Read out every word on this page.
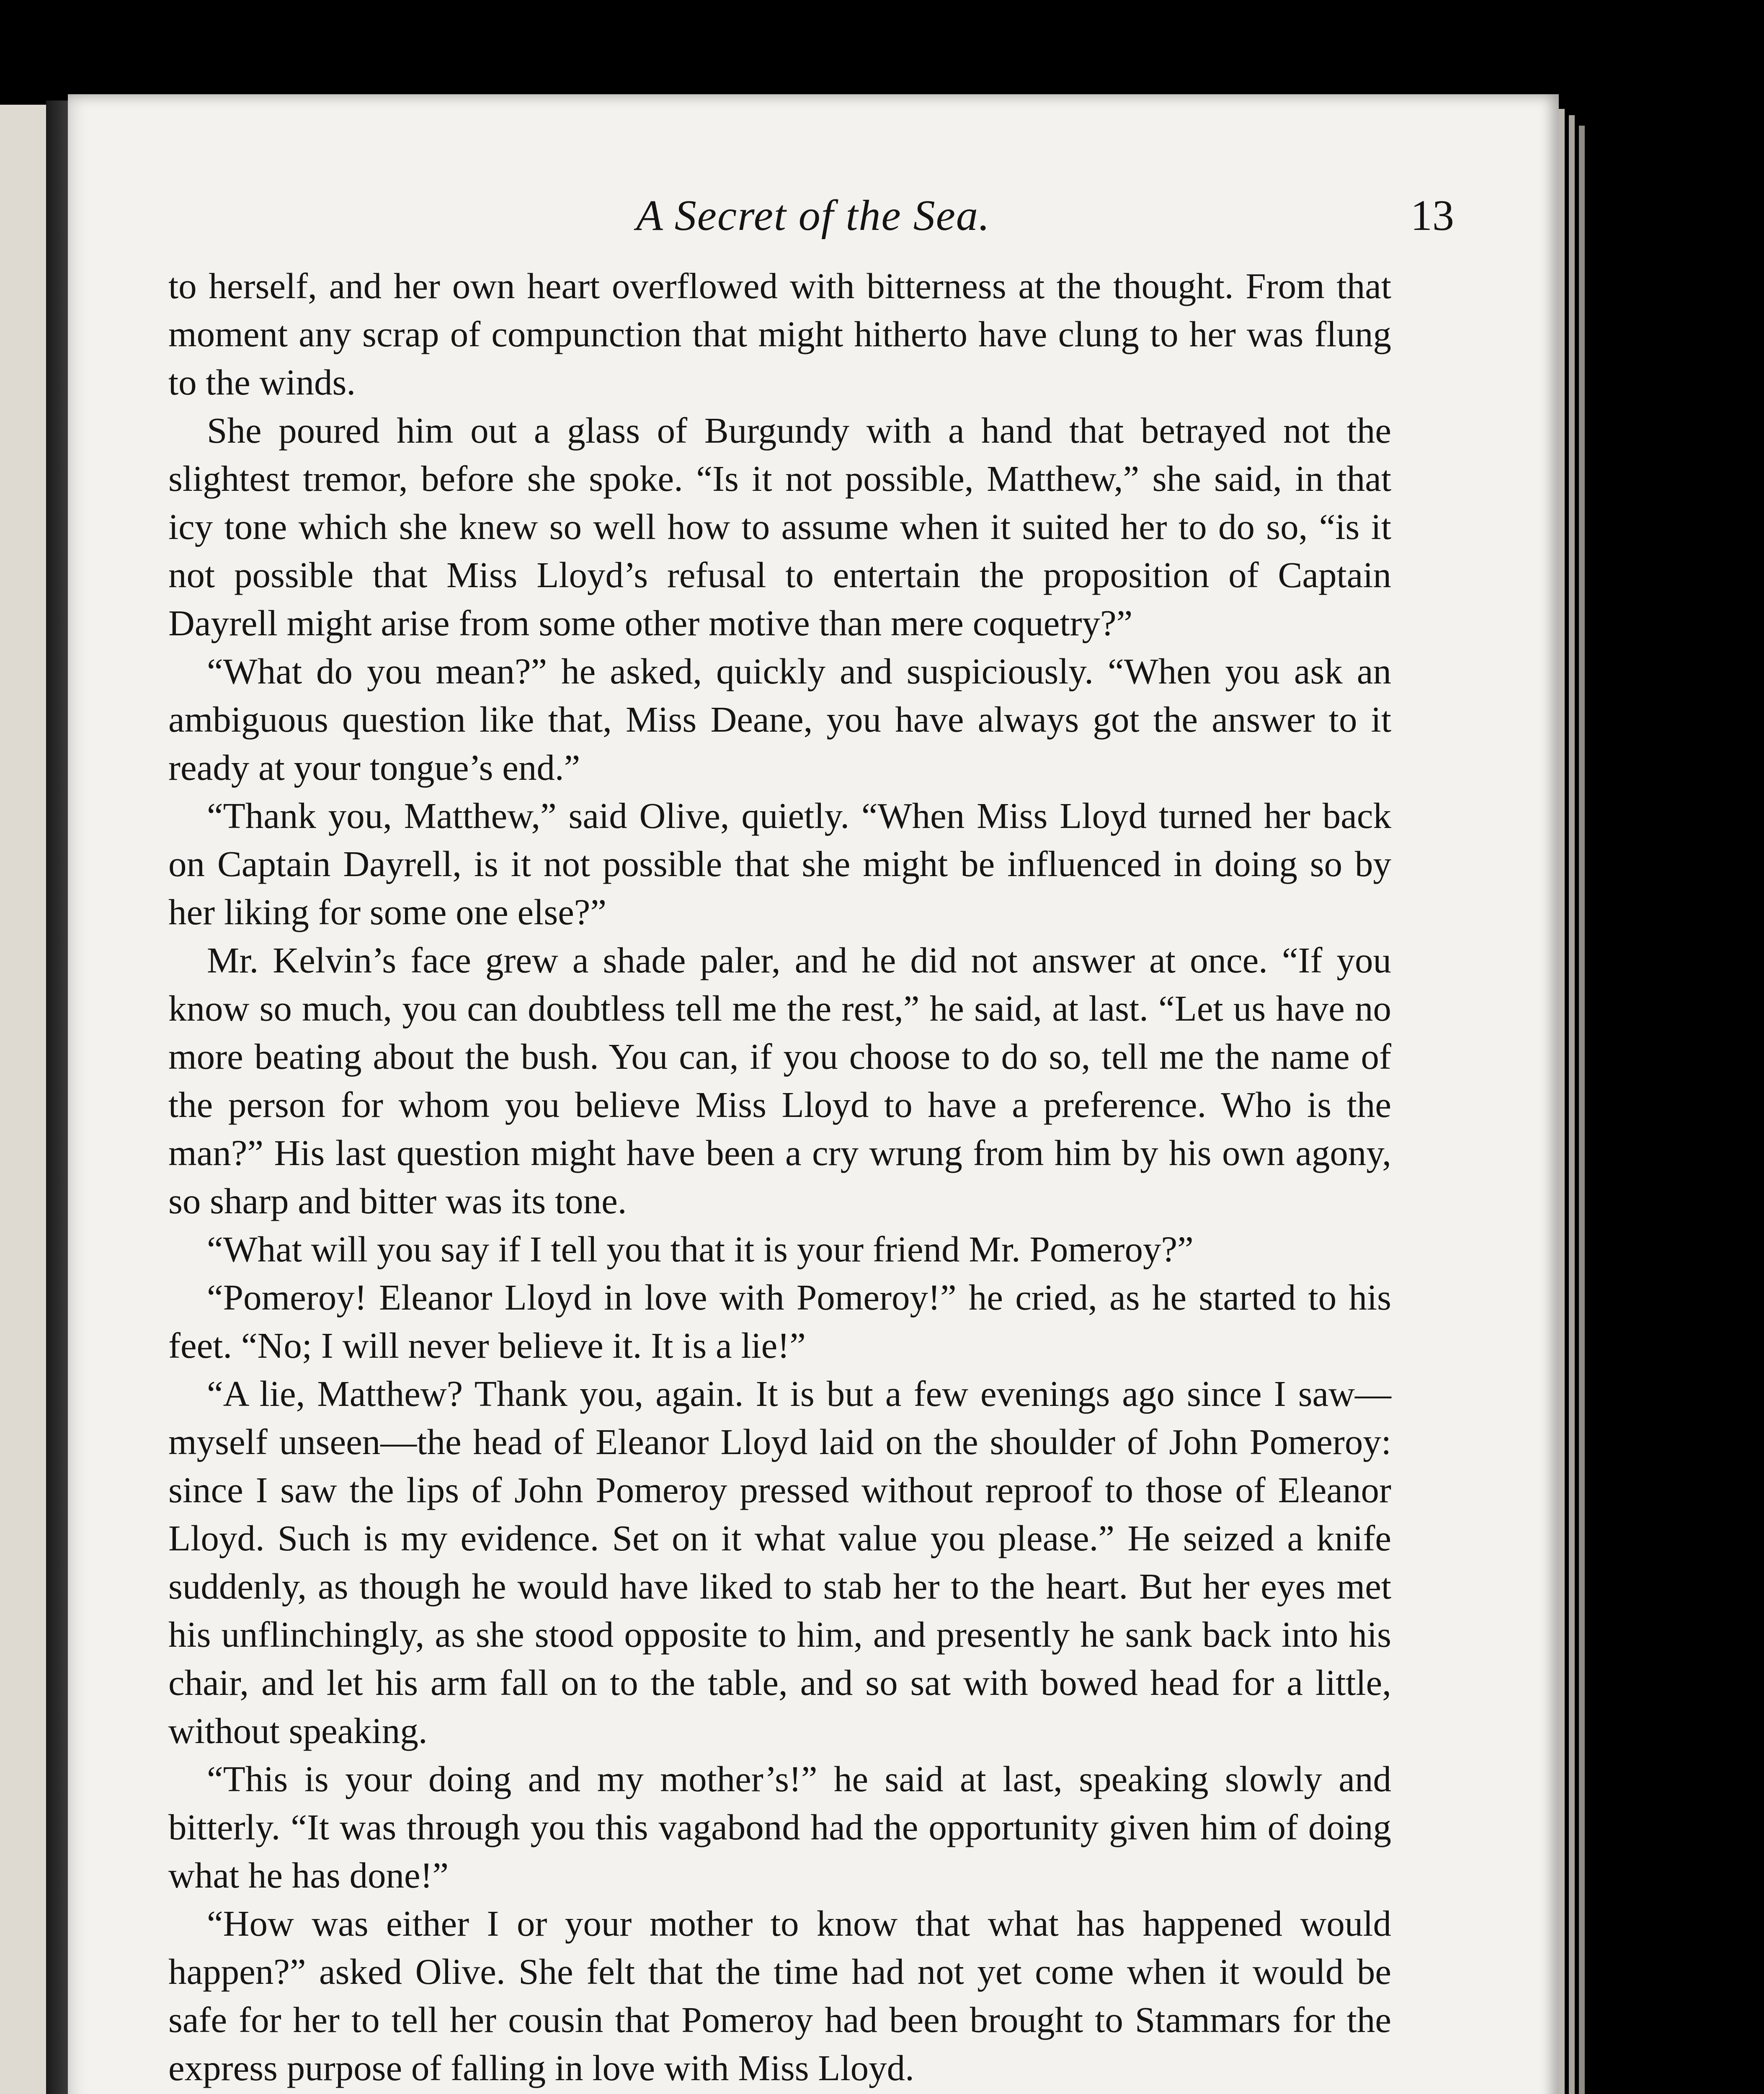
A Secret of the Sea.	13

to herself, and her own heart overflowed with bitterness at the thought. From that moment any scrap of compunction that might hitherto have clung to her was flung to the winds.

She poured him out a glass of Burgundy with a hand that betrayed not the slightest tremor, before she spoke. “Is it not possible, Matthew,” she said, in that icy tone which she knew so well how to assume when it suited her to do so, “is it not possible that Miss Lloyd’s refusal to entertain the proposition of Captain Dayrell might arise from some other motive than mere coquetry?”

“What do you mean?” he asked, quickly and suspiciously. “When you ask an ambiguous question like that, Miss Deane, you have always got the answer to it ready at your tongue’s end.”

“Thank you, Matthew,” said Olive, quietly. “When Miss Lloyd turned her back on Captain Dayrell, is it not possible that she might be influenced in doing so by her liking for some one else?”

Mr. Kelvin’s face grew a shade paler, and he did not answer at once. “If you know so much, you can doubtless tell me the rest,” he said, at last. “Let us have no more beating about the bush. You can, if you choose to do so, tell me the name of the person for whom you believe Miss Lloyd to have a preference. Who is the man?” His last question might have been a cry wrung from him by his own agony, so sharp and bitter was its tone.

“What will you say if I tell you that it is your friend Mr. Pomeroy?”

“Pomeroy! Eleanor Lloyd in love with Pomeroy!” he cried, as he started to his feet. “No; I will never believe it. It is a lie!”

“A lie, Matthew? Thank you, again. It is but a few evenings ago since I saw—myself unseen—the head of Eleanor Lloyd laid on the shoulder of John Pomeroy: since I saw the lips of John Pomeroy pressed without reproof to those of Eleanor Lloyd. Such is my evidence. Set on it what value you please.” He seized a knife suddenly, as though he would have liked to stab her to the heart. But her eyes met his unflinchingly, as she stood opposite to him, and presently he sank back into his chair, and let his arm fall on to the table, and so sat with bowed head for a little, without speaking.

“This is your doing and my mother’s!” he said at last, speaking slowly and bitterly. “It was through you this vagabond had the opportunity given him of doing what he has done!”

“How was either I or your mother to know that what has happened would happen?” asked Olive. She felt that the time had not yet come when it would be safe for her to tell her cousin that Pomeroy had been brought to Stammars for the express purpose of falling in love with Miss Lloyd.
